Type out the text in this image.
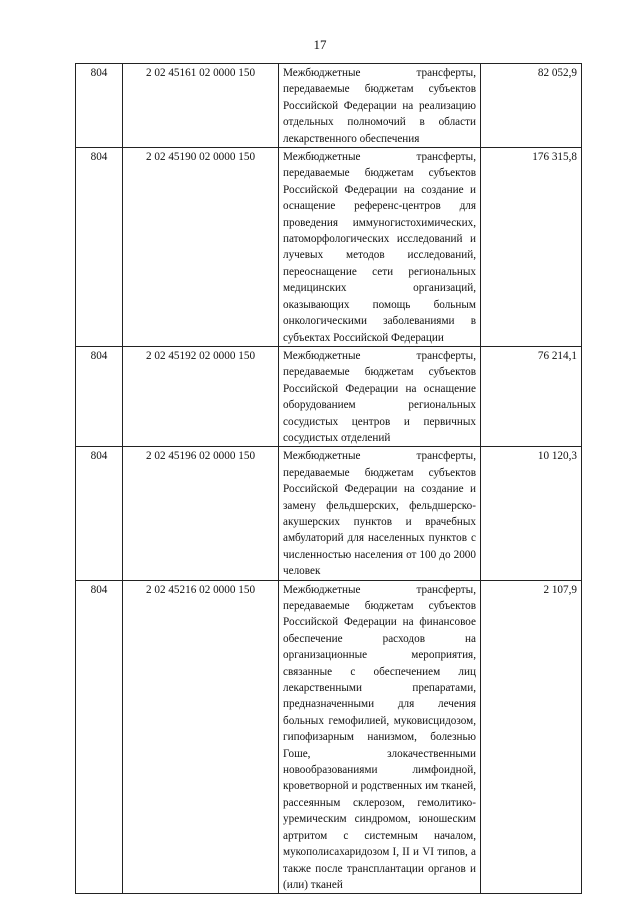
17
804	2 02 45161 02 0000 150	Межбюджетные трансферты, передаваемые бюджетам субъектов Российской Федерации на реализацию отдельных полномочий в области лекарственного обеспечения	82 052,9
804	2 02 45190 02 0000 150	Межбюджетные трансферты, передаваемые бюджетам субъектов Российской Федерации на создание и оснащение референс-центров для проведения иммуногистохимических, патоморфологических исследований и лучевых методов исследований, переоснащение сети региональных медицинских организаций, оказывающих помощь больным онкологическими заболеваниями в субъектах Российской Федерации	176 315,8
804	2 02 45192 02 0000 150	Межбюджетные трансферты, передаваемые бюджетам субъектов Российской Федерации на оснащение оборудованием региональных сосудистых центров и первичных сосудистых отделений	76 214,1
804	2 02 45196 02 0000 150	Межбюджетные трансферты, передаваемые бюджетам субъектов Российской Федерации на создание и замену фельдшерских, фельдшерско-акушерских пунктов и врачебных амбулаторий для населенных пунктов с численностью населения от 100 до 2000 человек	10 120,3
804	2 02 45216 02 0000 150	Межбюджетные трансферты, передаваемые бюджетам субъектов Российской Федерации на финансовое обеспечение расходов на организационные мероприятия, связанные с обеспечением лиц лекарственными препаратами, предназначенными для лечения больных гемофилией, муковисцидозом, гипофизарным нанизмом, болезнью Гоше, злокачественными новообразованиями лимфоидной, кроветворной и родственных им тканей, рассеянным склерозом, гемолитико-уремическим синдромом, юношеским артритом с системным началом, мукополисахаридозом I, II и VI типов, а также после трансплантации органов и (или) тканей	2 107,9
